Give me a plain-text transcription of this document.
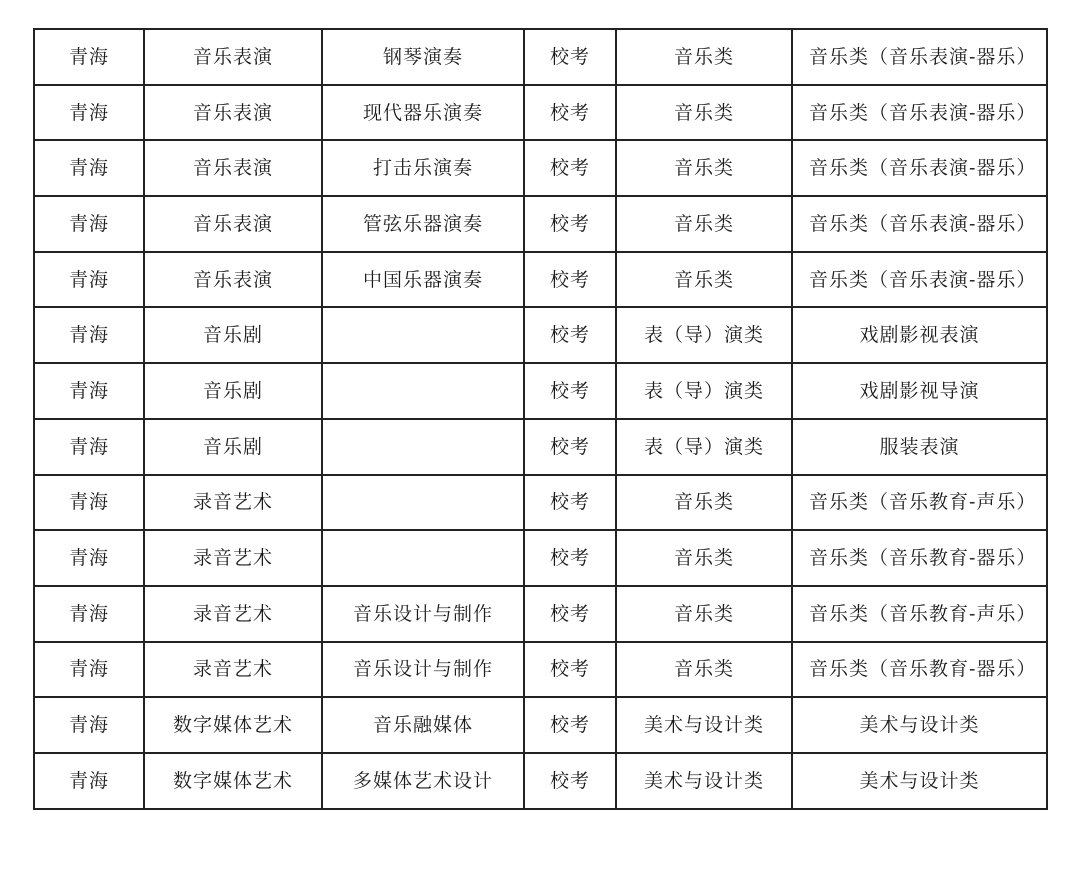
青海	音乐表演	钢琴演奏	校考	音乐类	音乐类（音乐表演-器乐）
青海	音乐表演	现代器乐演奏	校考	音乐类	音乐类（音乐表演-器乐）
青海	音乐表演	打击乐演奏	校考	音乐类	音乐类（音乐表演-器乐）
青海	音乐表演	管弦乐器演奏	校考	音乐类	音乐类（音乐表演-器乐）
青海	音乐表演	中国乐器演奏	校考	音乐类	音乐类（音乐表演-器乐）
青海	音乐剧		校考	表（导）演类	戏剧影视表演
青海	音乐剧		校考	表（导）演类	戏剧影视导演
青海	音乐剧		校考	表（导）演类	服装表演
青海	录音艺术		校考	音乐类	音乐类（音乐教育-声乐）
青海	录音艺术		校考	音乐类	音乐类（音乐教育-器乐）
青海	录音艺术	音乐设计与制作	校考	音乐类	音乐类（音乐教育-声乐）
青海	录音艺术	音乐设计与制作	校考	音乐类	音乐类（音乐教育-器乐）
青海	数字媒体艺术	音乐融媒体	校考	美术与设计类	美术与设计类
青海	数字媒体艺术	多媒体艺术设计	校考	美术与设计类	美术与设计类
